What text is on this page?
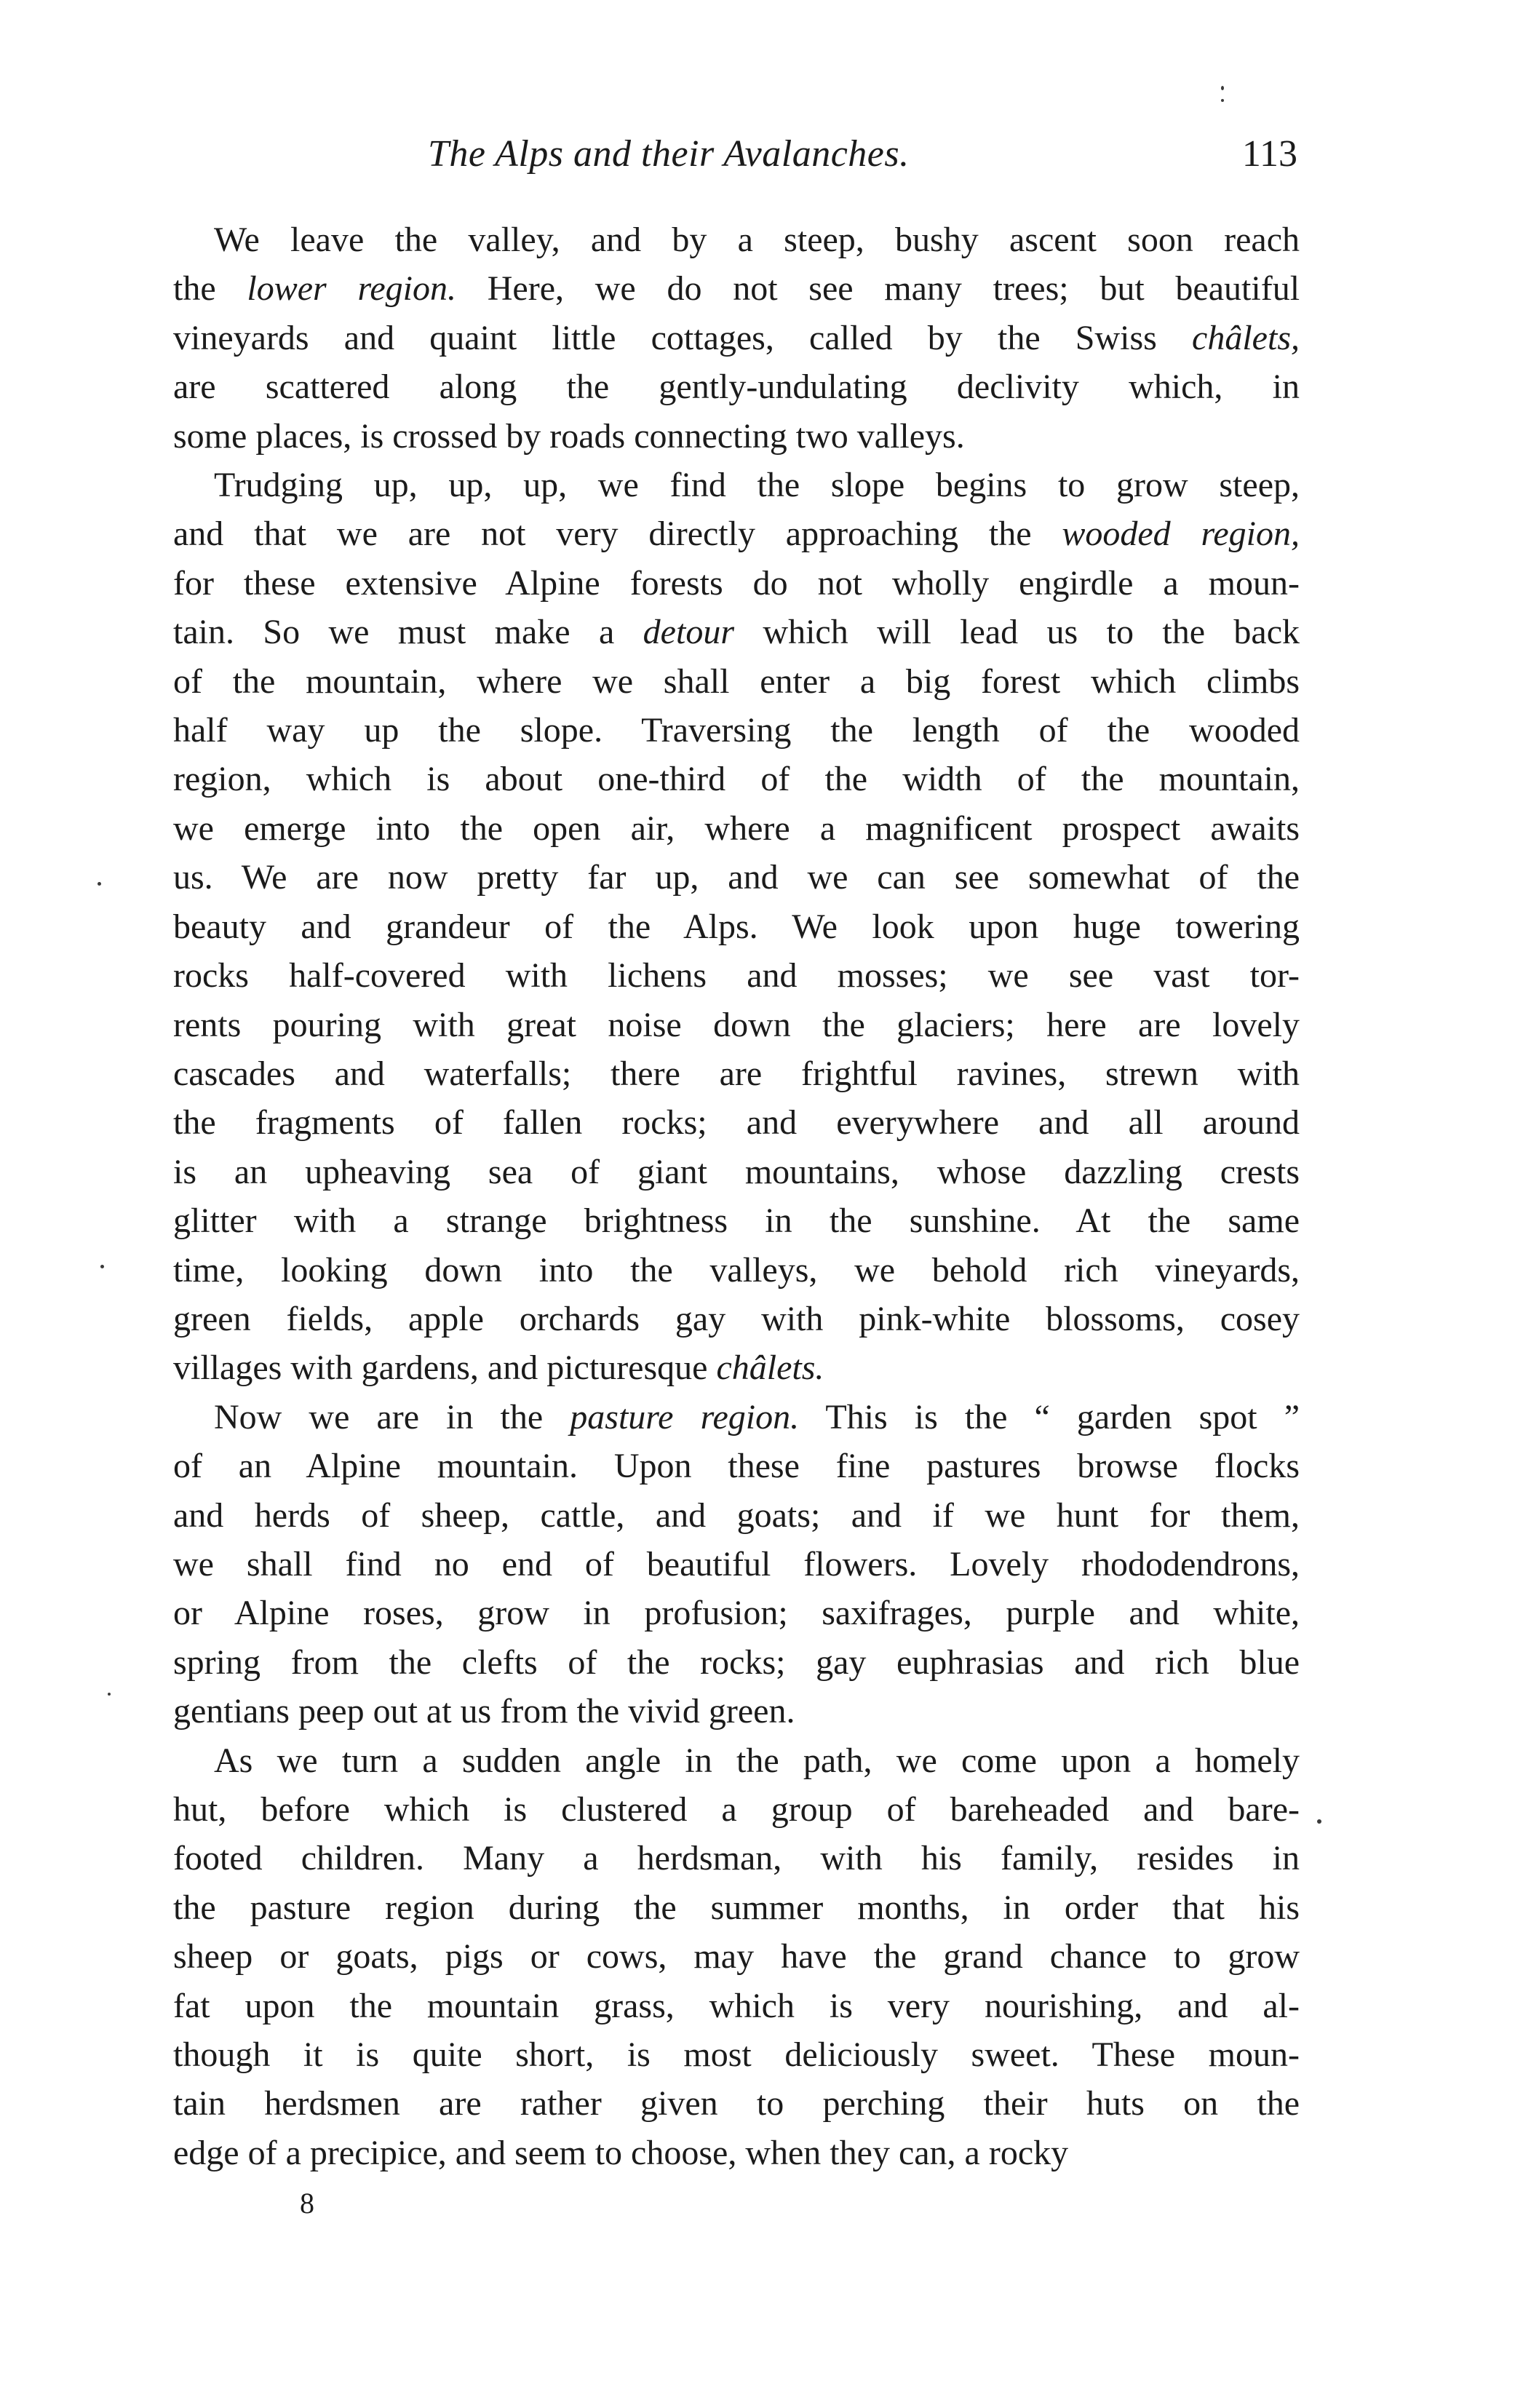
The Alps and their Avalanches.	113

We leave the valley, and by a steep, bushy ascent soon reach
the lower region. Here, we do not see many trees; but beautiful
vineyards and quaint little cottages, called by the Swiss châlets,
are scattered along the gently-undulating declivity which, in
some places, is crossed by roads connecting two valleys.

Trudging up, up, up, we find the slope begins to grow steep,
and that we are not very directly approaching the wooded region,
for these extensive Alpine forests do not wholly engirdle a moun-
tain. So we must make a detour which will lead us to the back
of the mountain, where we shall enter a big forest which climbs
half way up the slope. Traversing the length of the wooded
region, which is about one-third of the width of the mountain,
we emerge into the open air, where a magnificent prospect awaits
us. We are now pretty far up, and we can see somewhat of the
beauty and grandeur of the Alps. We look upon huge towering
rocks half-covered with lichens and mosses; we see vast tor-
rents pouring with great noise down the glaciers; here are lovely
cascades and waterfalls; there are frightful ravines, strewn with
the fragments of fallen rocks; and everywhere and all around
is an upheaving sea of giant mountains, whose dazzling crests
glitter with a strange brightness in the sunshine. At the same
time, looking down into the valleys, we behold rich vineyards,
green fields, apple orchards gay with pink-white blossoms, cosey
villages with gardens, and picturesque châlets.

Now we are in the pasture region. This is the “ garden spot ”
of an Alpine mountain. Upon these fine pastures browse flocks
and herds of sheep, cattle, and goats; and if we hunt for them,
we shall find no end of beautiful flowers. Lovely rhododendrons,
or Alpine roses, grow in profusion; saxifrages, purple and white,
spring from the clefts of the rocks; gay euphrasias and rich blue
gentians peep out at us from the vivid green.

As we turn a sudden angle in the path, we come upon a homely
hut, before which is clustered a group of bareheaded and bare-
footed children. Many a herdsman, with his family, resides in
the pasture region during the summer months, in order that his
sheep or goats, pigs or cows, may have the grand chance to grow
fat upon the mountain grass, which is very nourishing, and al-
though it is quite short, is most deliciously sweet. These moun-
tain herdsmen are rather given to perching their huts on the
edge of a precipice, and seem to choose, when they can, a rocky

8
